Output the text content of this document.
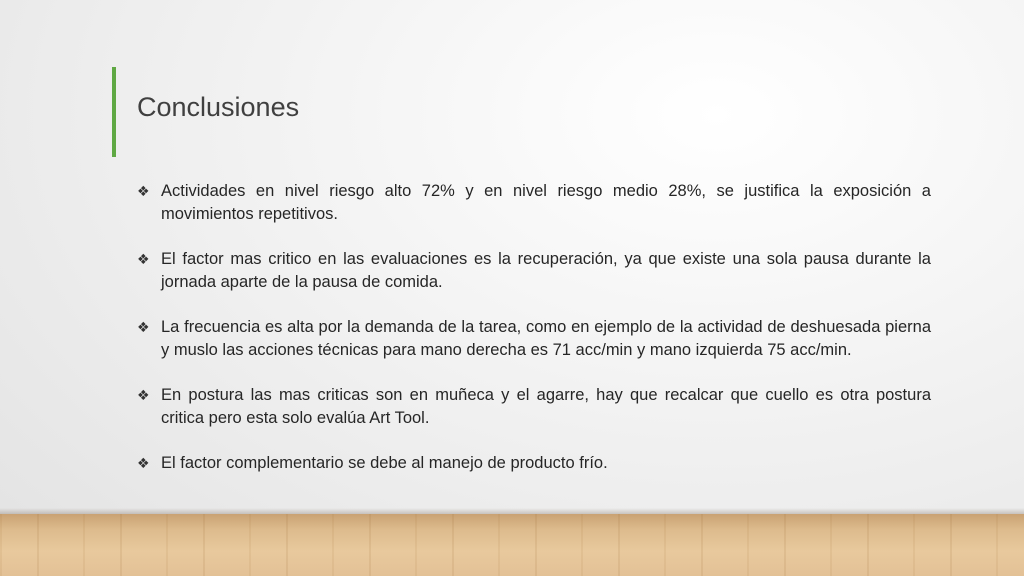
Conclusiones
❖ Actividades en nivel riesgo alto 72% y en nivel riesgo medio 28%, se justifica la exposición a movimientos repetitivos.
❖ El factor mas critico en las evaluaciones es la recuperación, ya que existe una sola pausa durante la jornada aparte de la pausa de comida.
❖ La frecuencia es alta por la demanda de la tarea, como en ejemplo de la actividad de deshuesada pierna y muslo las acciones técnicas para mano derecha es 71 acc/min y mano izquierda 75 acc/min.
❖ En postura las mas criticas son en muñeca y el agarre, hay que recalcar que cuello es otra postura critica pero esta solo evalúa Art Tool.
❖ El factor complementario se debe al manejo de producto frío.
